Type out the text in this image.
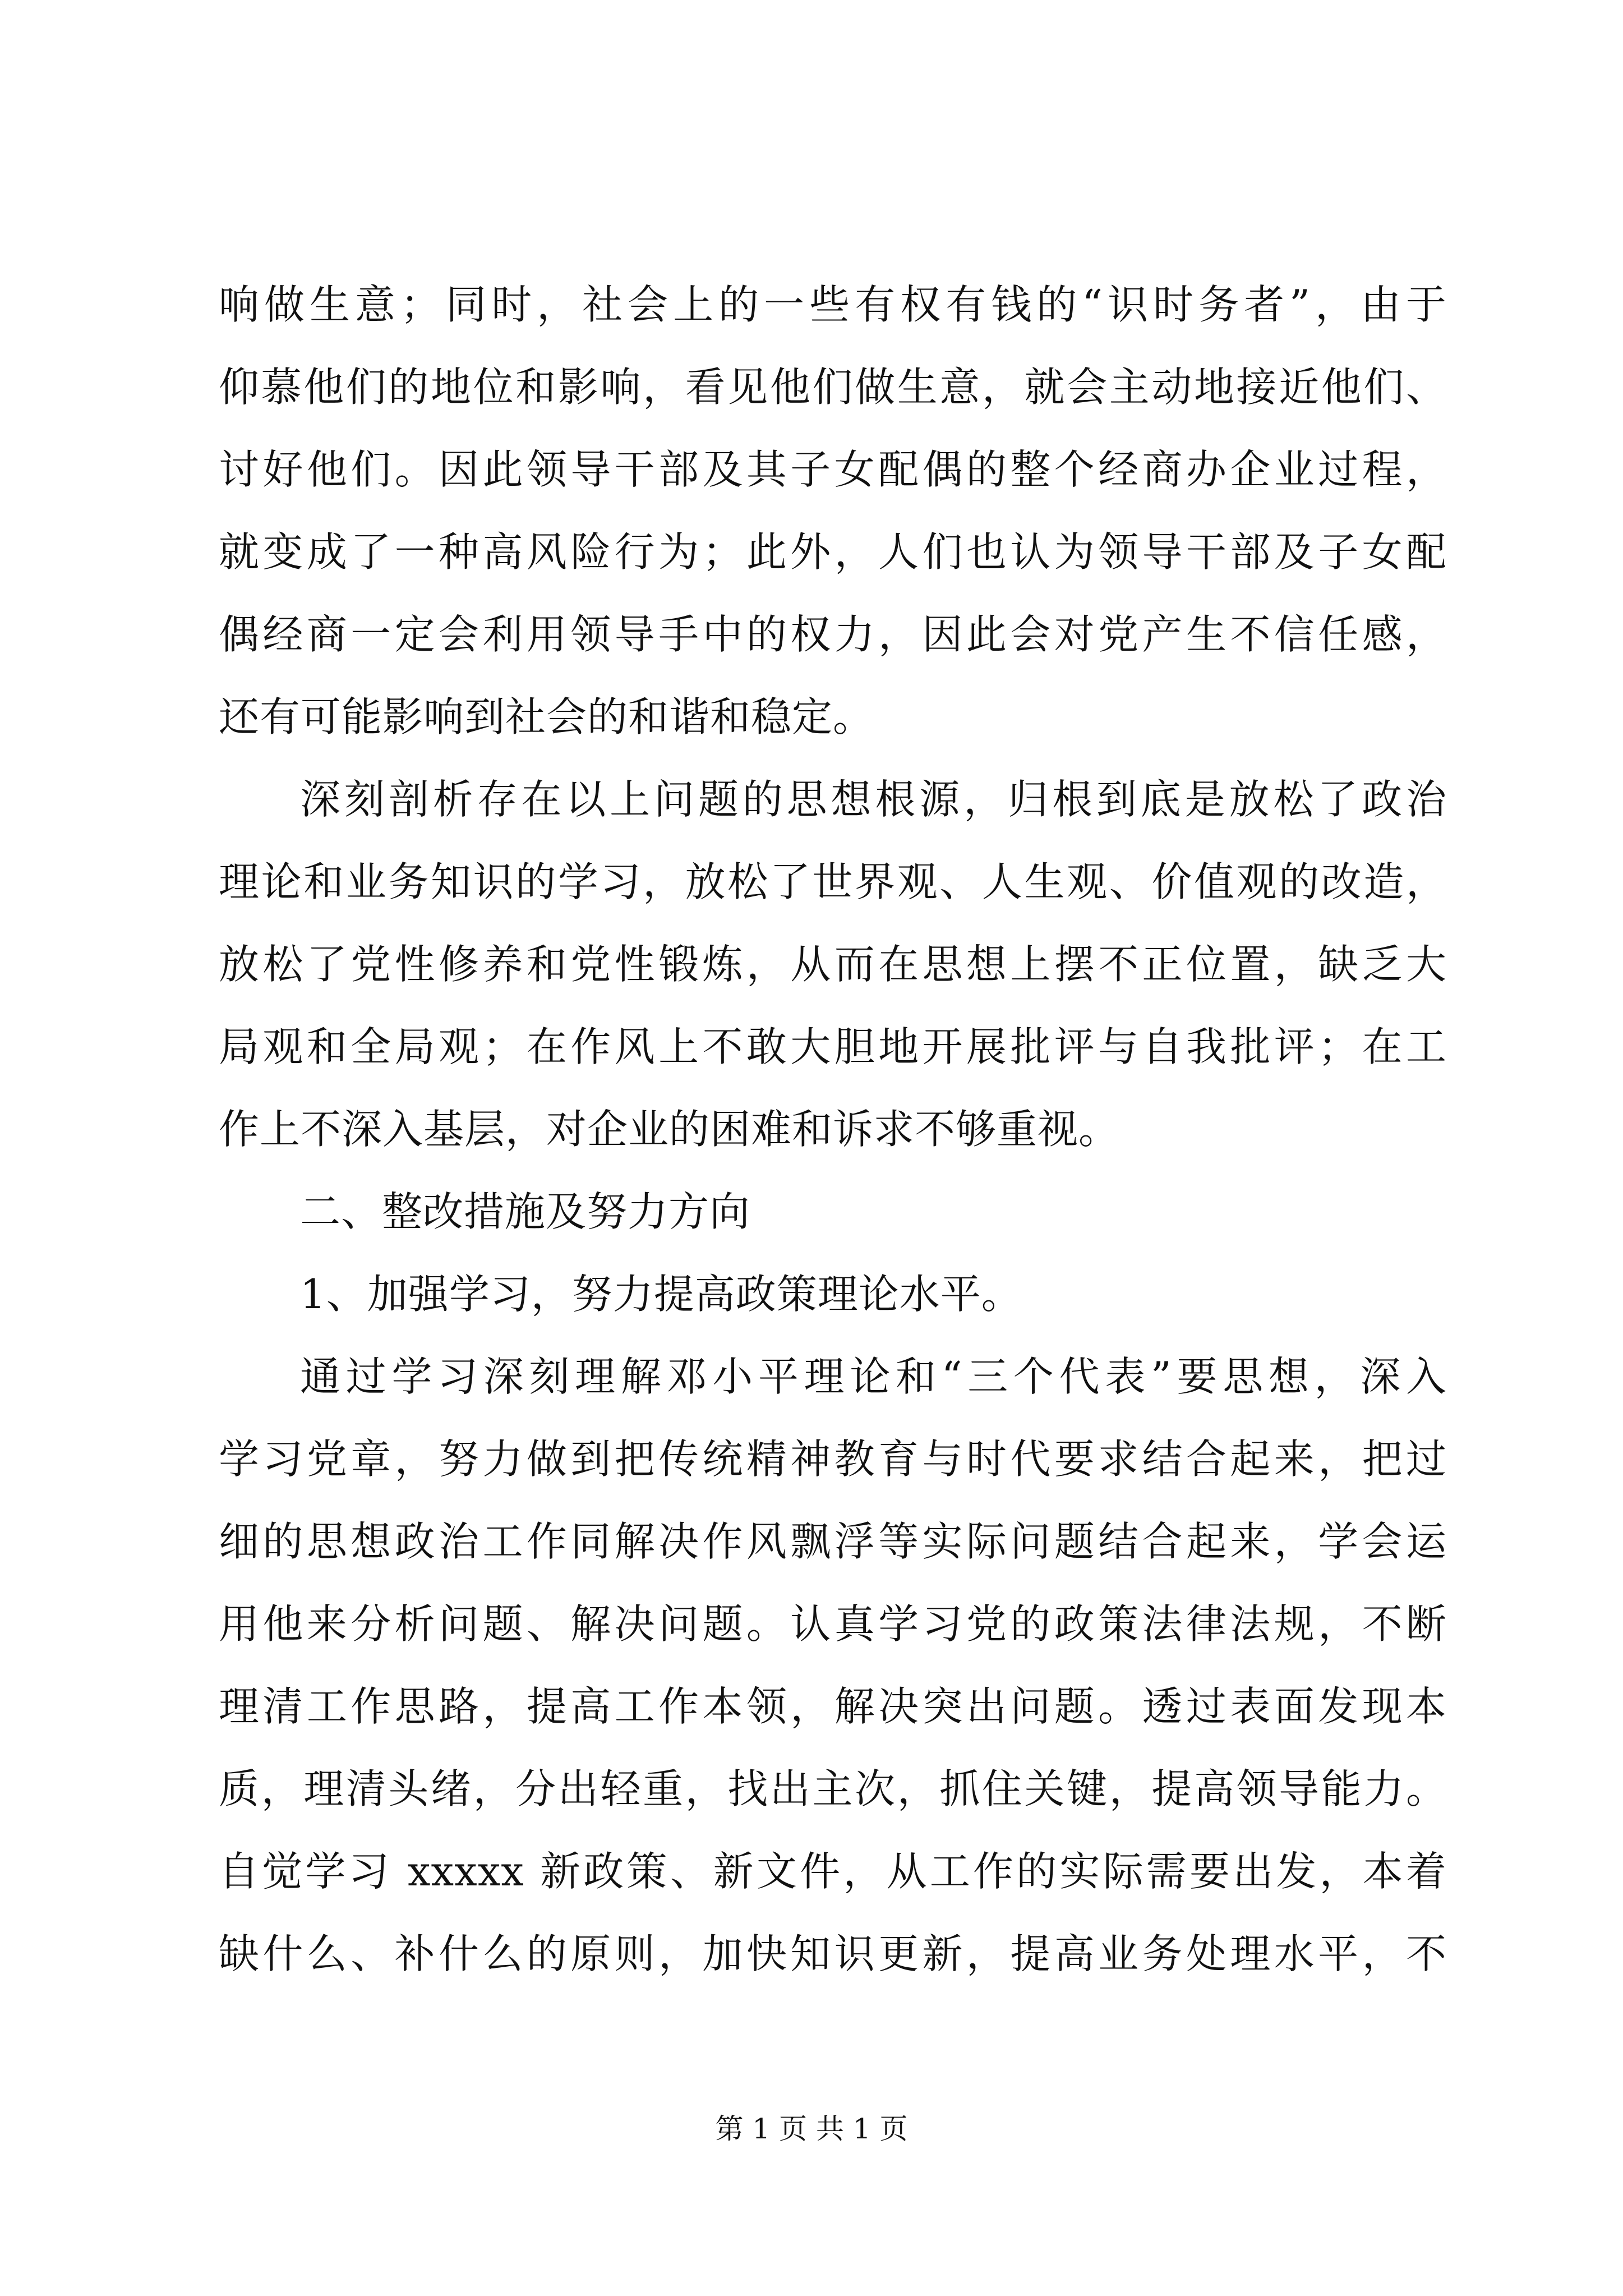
响做生意；同时，社会上的一些有权有钱的“识时务者”，由于
仰慕他们的地位和影响，看见他们做生意，就会主动地接近他们、
讨好他们。因此领导干部及其子女配偶的整个经商办企业过程，
就变成了一种高风险行为；此外，人们也认为领导干部及子女配
偶经商一定会利用领导手中的权力，因此会对党产生不信任感，
还有可能影响到社会的和谐和稳定。
深刻剖析存在以上问题的思想根源，归根到底是放松了政治
理论和业务知识的学习，放松了世界观、人生观、价值观的改造，
放松了党性修养和党性锻炼，从而在思想上摆不正位置，缺乏大
局观和全局观；在作风上不敢大胆地开展批评与自我批评；在工
作上不深入基层，对企业的困难和诉求不够重视。
二、整改措施及努力方向
1、加强学习，努力提高政策理论水平。
通过学习深刻理解邓小平理论和“三个代表”要思想，深入
学习党章，努力做到把传统精神教育与时代要求结合起来，把过
细的思想政治工作同解决作风飘浮等实际问题结合起来，学会运
用他来分析问题、解决问题。认真学习党的政策法律法规，不断
理清工作思路，提高工作本领，解决突出问题。透过表面发现本
质，理清头绪，分出轻重，找出主次，抓住关键，提高领导能力。
自觉学习 xxxxx 新政策、新文件，从工作的实际需要出发，本着
缺什么、补什么的原则，加快知识更新，提高业务处理水平，不
第 1 页 共 1 页
